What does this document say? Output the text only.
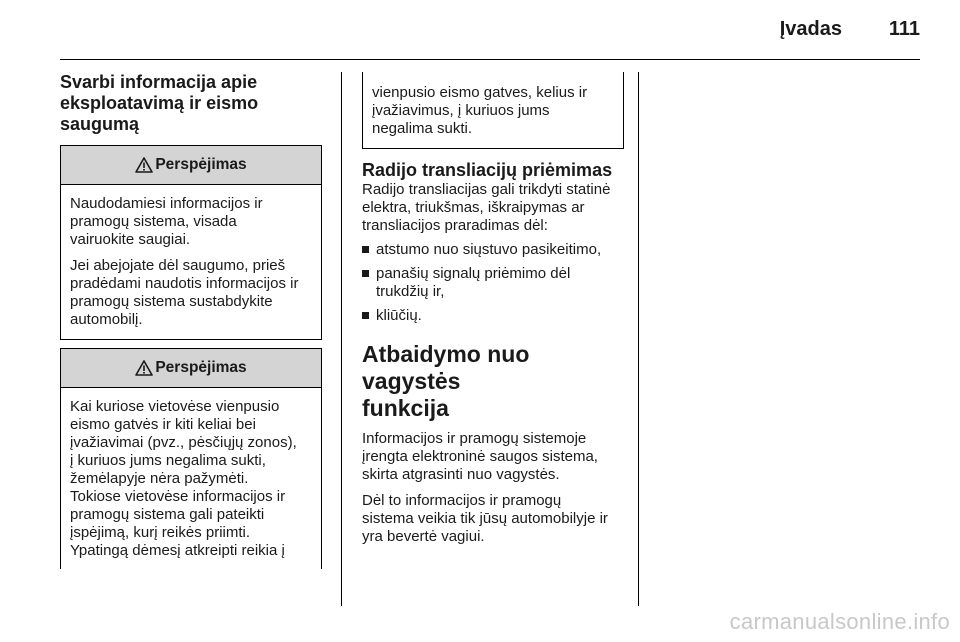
Įvadas 111
Svarbi informacija apie
eksploatavimą ir eismo
saugumą
Perspėjimas

Naudodamiesi informacijos ir
pramogų sistema, visada
vairuokite saugiai.

Jei abejojate dėl saugumo, prieš
pradėdami naudotis informacijos ir
pramogų sistema sustabdykite
automobilį.

Perspėjimas

Kai kuriose vietovėse vienpusio
eismo gatvės ir kiti keliai bei
įvažiavimai (pvz., pėsčiųjų zonos),
į kuriuos jums negalima sukti,
žemėlapyje nėra pažymėti.
Tokiose vietovėse informacijos ir
pramogų sistema gali pateikti
įspėjimą, kurį reikės priimti.
Ypatingą dėmesį atkreipti reikia į

vienpusio eismo gatves, kelius ir
įvažiavimus, į kuriuos jums
negalima sukti.

Radijo transliacijų priėmimas

Radijo transliacijas gali trikdyti statinė
elektra, triukšmas, iškraipymas ar
transliacijos praradimas dėl:

atstumo nuo siųstuvo pasikeitimo,
panašių signalų priėmimo dėl
trukdžių ir,
kliūčių.
Atbaidymo nuo vagystės
funkcija

Informacijos ir pramogų sistemoje
įrengta elektroninė saugos sistema,
skirta atgrasinti nuo vagystės.

Dėl to informacijos ir pramogų
sistema veikia tik jūsų automobilyje ir
yra bevertė vagiui.

carmanualsonline.info
